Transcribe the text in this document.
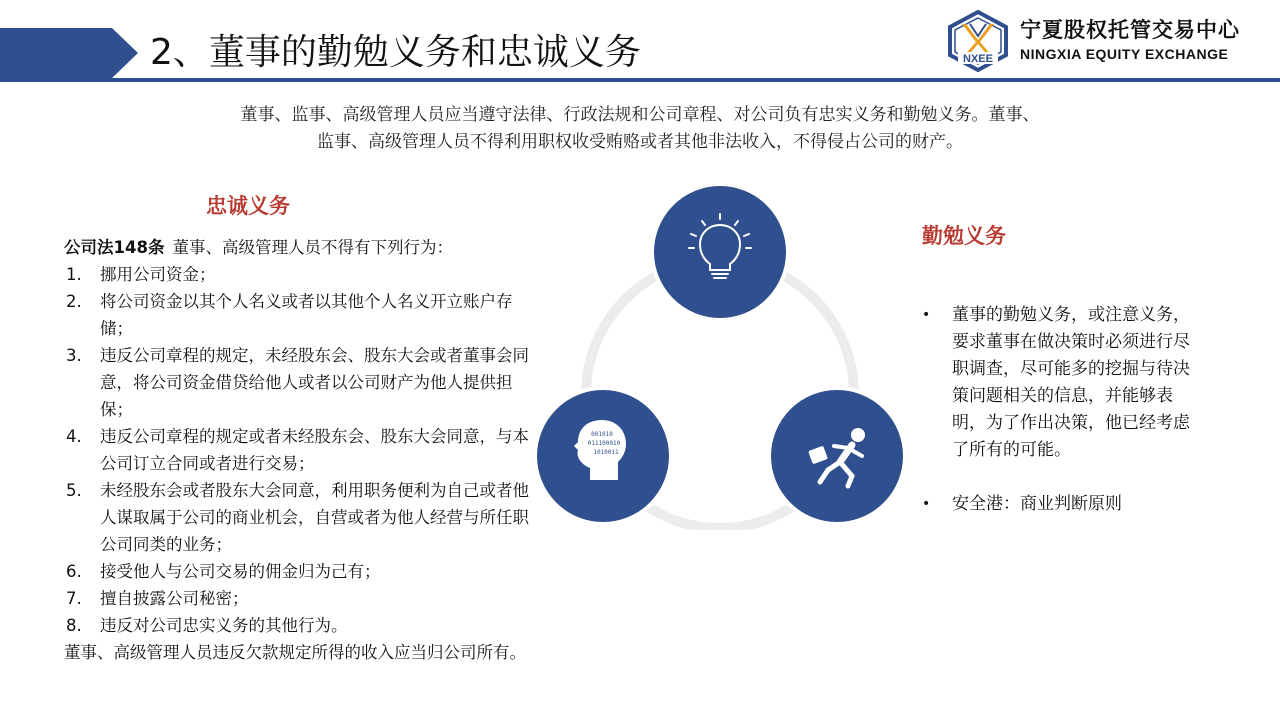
2、董事的勤勉义务和忠诚义务	NXEE
宁夏股权托管交易中心
NINGXIA EQUITY EXCHANGE
董事、监事、高级管理人员应当遵守法律、行政法规和公司章程、对公司负有忠实义务和勤勉义务。董事、
监事、高级管理人员不得利用职权收受贿赂或者其他非法收入，不得侵占公司的财产。
忠诚义务
公司法148条 董事、高级管理人员不得有下列行为：
1. 挪用公司资金；
2. 将公司资金以其个人名义或者以其他个人名义开立账户存储；
3. 违反公司章程的规定，未经股东会、股东大会或者董事会同意，将公司资金借贷给他人或者以公司财产为他人提供担保；
4. 违反公司章程的规定或者未经股东会、股东大会同意，与本公司订立合同或者进行交易；
5. 未经股东会或者股东大会同意，利用职务便利为自己或者他人谋取属于公司的商业机会，自营或者为他人经营与所任职公司同类的业务；
6. 接受他人与公司交易的佣金归为己有；
7. 擅自披露公司秘密；
8. 违反对公司忠实义务的其他行为。
董事、高级管理人员违反欠款规定所得的收入应当归公司所有。
001010
011100010
1010011
勤勉义务
• 董事的勤勉义务，或注意义务，要求董事在做决策时必须进行尽职调查，尽可能多的挖掘与待决策问题相关的信息，并能够表明，为了作出决策，他已经考虑了所有的可能。
• 安全港：商业判断原则
